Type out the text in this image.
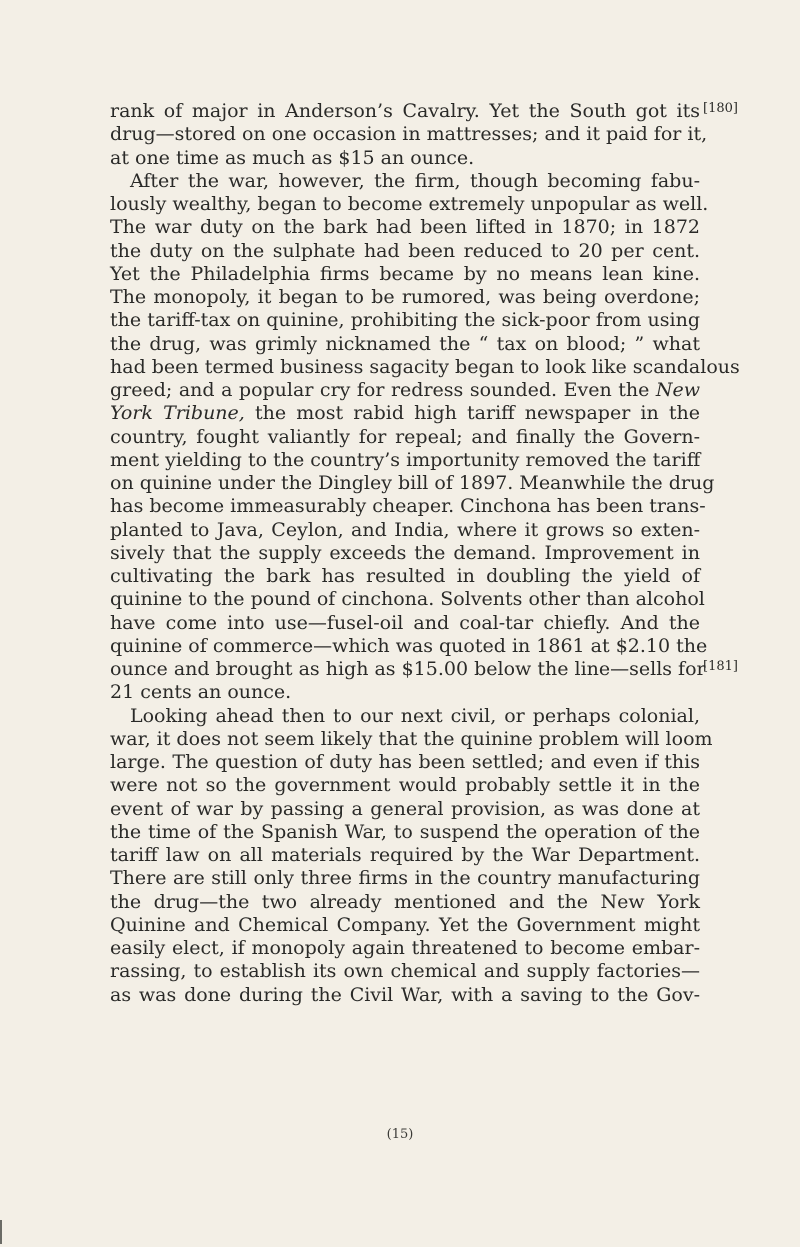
rank of major in Anderson’s Cavalry. Yet the South got its
drug—stored on one occasion in mattresses; and it paid for it,
at one time as much as $15 an ounce.
After the war, however, the firm, though becoming fabu-
lously wealthy, began to become extremely unpopular as well.
The war duty on the bark had been lifted in 1870; in 1872
the duty on the sulphate had been reduced to 20 per cent.
Yet the Philadelphia firms became by no means lean kine.
The monopoly, it began to be rumored, was being overdone;
the tariff-tax on quinine, prohibiting the sick-poor from using
the drug, was grimly nicknamed the “ tax on blood; ” what
had been termed business sagacity began to look like scandalous
greed; and a popular cry for redress sounded. Even the New
York Tribune, the most rabid high tariff newspaper in the
country, fought valiantly for repeal; and finally the Govern-
ment yielding to the country’s importunity removed the tariff
on quinine under the Dingley bill of 1897. Meanwhile the drug
has become immeasurably cheaper. Cinchona has been trans-
planted to Java, Ceylon, and India, where it grows so exten-
sively that the supply exceeds the demand. Improvement in
cultivating the bark has resulted in doubling the yield of
quinine to the pound of cinchona. Solvents other than alcohol
have come into use—fusel-oil and coal-tar chiefly. And the
quinine of commerce—which was quoted in 1861 at $2.10 the
ounce and brought as high as $15.00 below the line—sells for
21 cents an ounce.
Looking ahead then to our next civil, or perhaps colonial,
war, it does not seem likely that the quinine problem will loom
large. The question of duty has been settled; and even if this
were not so the government would probably settle it in the
event of war by passing a general provision, as was done at
the time of the Spanish War, to suspend the operation of the
tariff law on all materials required by the War Department.
There are still only three firms in the country manufacturing
the drug—the two already mentioned and the New York
Quinine and Chemical Company. Yet the Government might
easily elect, if monopoly again threatened to become embar-
rassing, to establish its own chemical and supply factories—
as was done during the Civil War, with a saving to the Gov-
(15)
[180]
[181]
